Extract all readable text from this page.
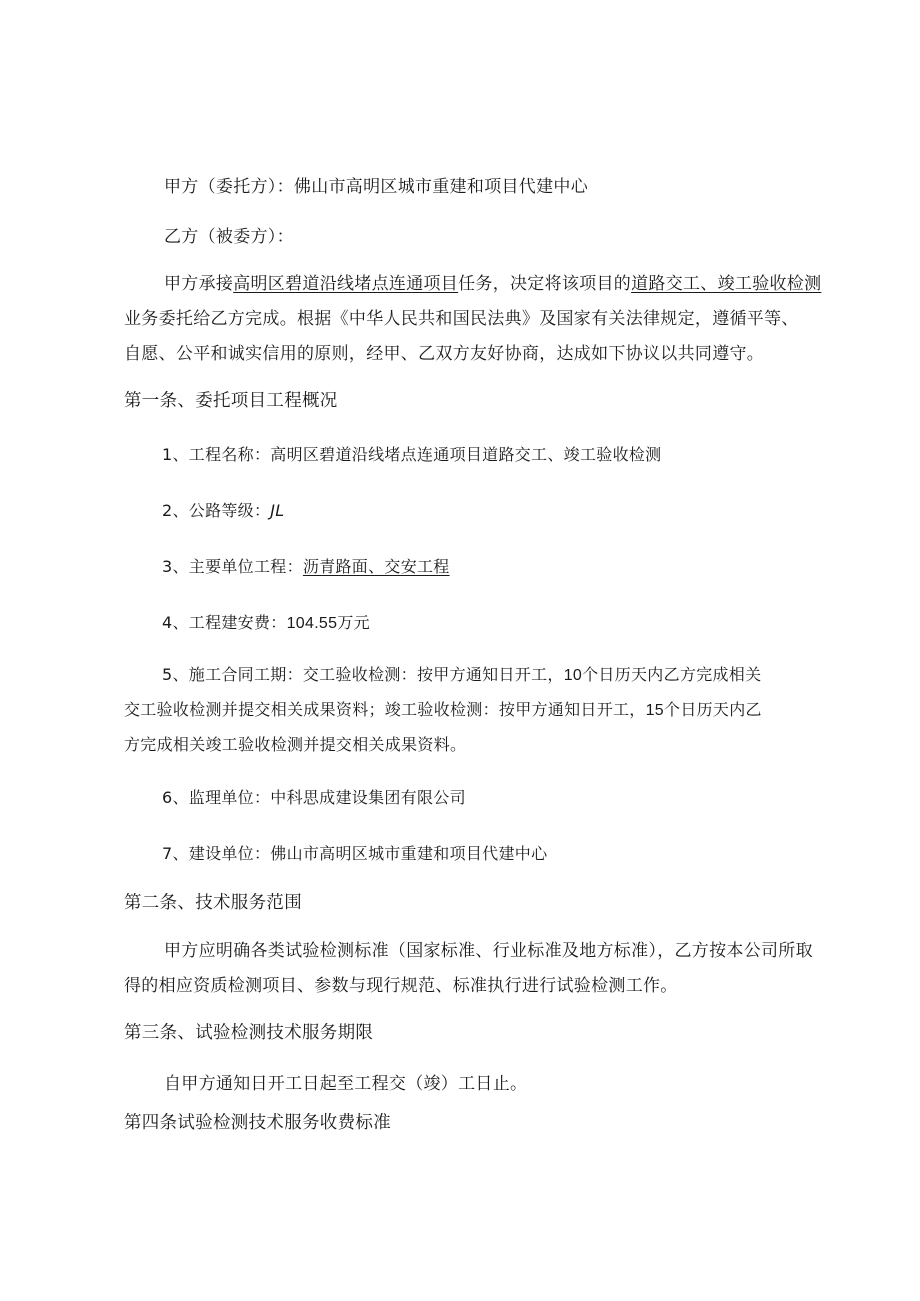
甲方（委托方）：佛山市高明区城市重建和项目代建中心
乙方（被委方）：
甲方承接高明区碧道沿线堵点连通项目任务，决定将该项目的道路交工、竣工验收检测
业务委托给乙方完成。根据《中华人民共和国民法典》及国家有关法律规定，遵循平等、
自愿、公平和诚实信用的原则，经甲、乙双方友好协商，达成如下协议以共同遵守。
第一条、委托项目工程概况
1、工程名称：高明区碧道沿线堵点连通项目道路交工、竣工验收检测
2、公路等级：JL
3、主要单位工程：沥青路面、交安工程
4、工程建安费：104.55万元
5、施工合同工期：交工验收检测：按甲方通知日开工，10个日历天内乙方完成相关
交工验收检测并提交相关成果资料；竣工验收检测：按甲方通知日开工，15个日历天内乙
方完成相关竣工验收检测并提交相关成果资料。
6、监理单位：中科思成建设集团有限公司
7、建设单位：佛山市高明区城市重建和项目代建中心
第二条、技术服务范围
甲方应明确各类试验检测标准（国家标准、行业标准及地方标准），乙方按本公司所取
得的相应资质检测项目、参数与现行规范、标准执行进行试验检测工作。
第三条、试验检测技术服务期限
自甲方通知日开工日起至工程交（竣）工日止。
第四条试验检测技术服务收费标准
